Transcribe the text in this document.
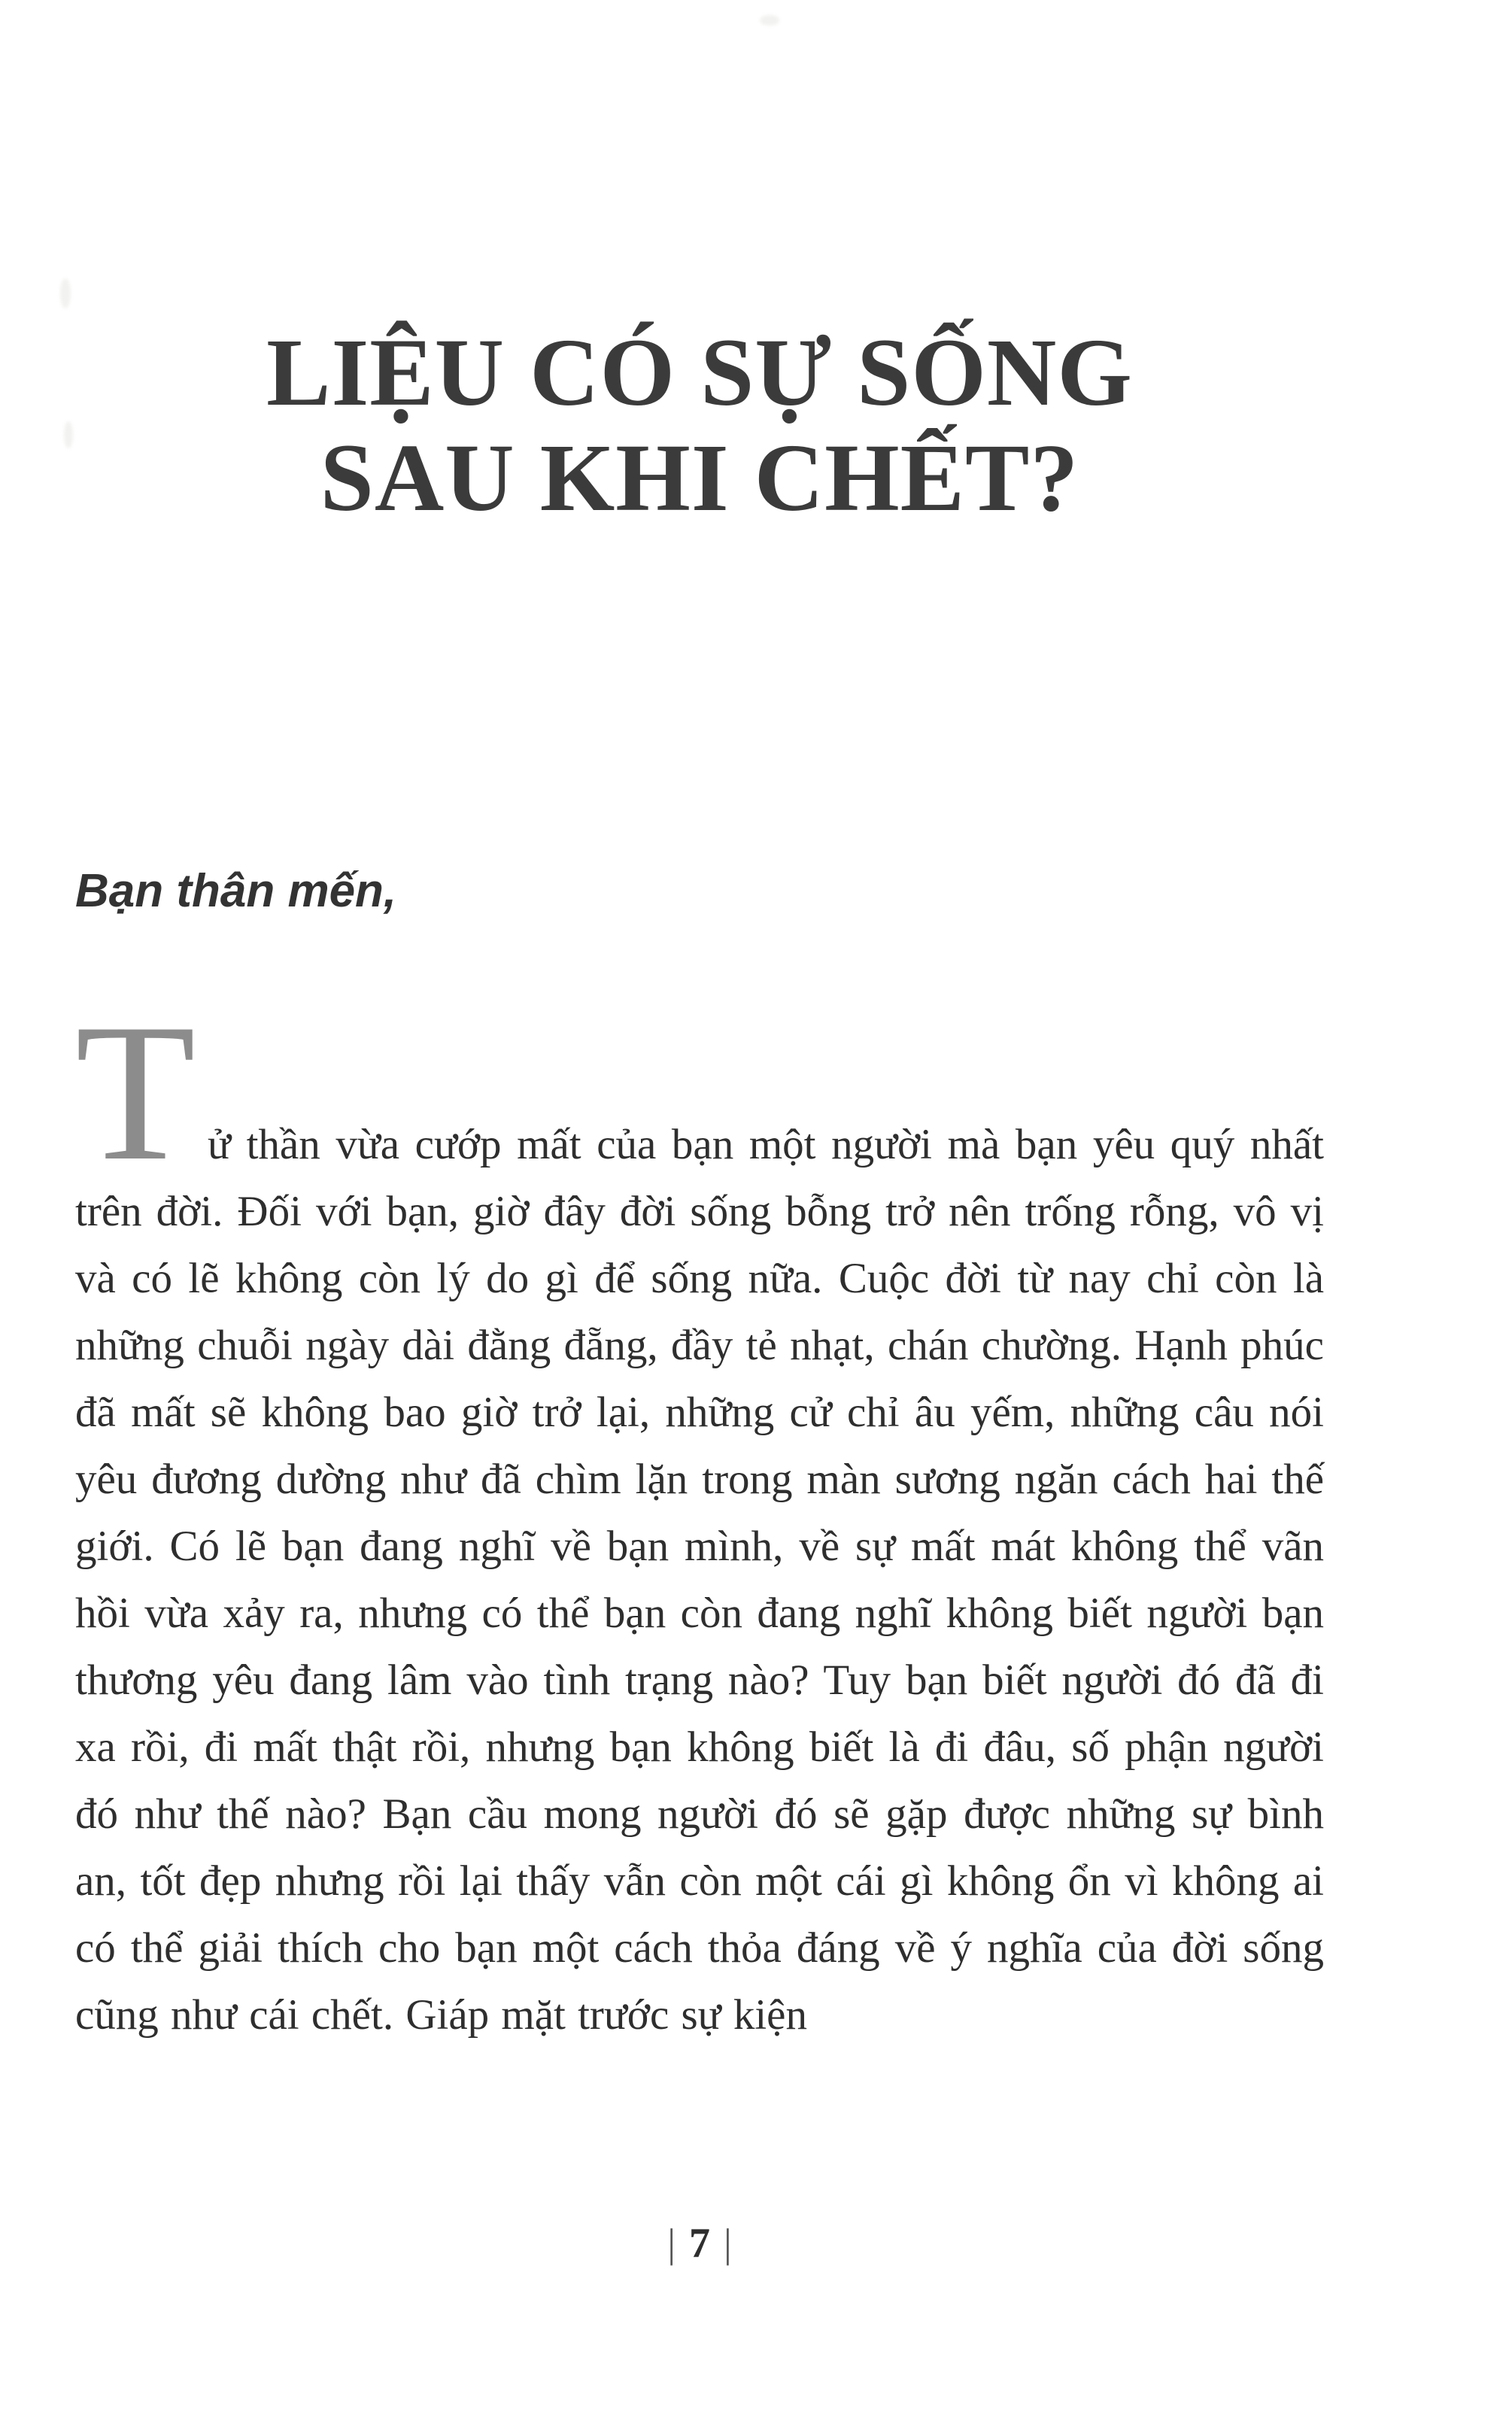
LIỆU CÓ SỰ SỐNG
SAU KHI CHẾT?

Bạn thân mến,

Tử thần vừa cướp mất của bạn một người mà bạn yêu quý nhất trên đời. Đối với bạn, giờ đây đời sống bỗng trở nên trống rỗng, vô vị và có lẽ không còn lý do gì để sống nữa. Cuộc đời từ nay chỉ còn là những chuỗi ngày dài đằng đẵng, đầy tẻ nhạt, chán chường. Hạnh phúc đã mất sẽ không bao giờ trở lại, những cử chỉ âu yếm, những câu nói yêu đương dường như đã chìm lặn trong màn sương ngăn cách hai thế giới. Có lẽ bạn đang nghĩ về bạn mình, về sự mất mát không thể vãn hồi vừa xảy ra, nhưng có thể bạn còn đang nghĩ không biết người bạn thương yêu đang lâm vào tình trạng nào? Tuy bạn biết người đó đã đi xa rồi, đi mất thật rồi, nhưng bạn không biết là đi đâu, số phận người đó như thế nào? Bạn cầu mong người đó sẽ gặp được những sự bình an, tốt đẹp nhưng rồi lại thấy vẫn còn một cái gì không ổn vì không ai có thể giải thích cho bạn một cách thỏa đáng về ý nghĩa của đời sống cũng như cái chết. Giáp mặt trước sự kiện

| 7 |
